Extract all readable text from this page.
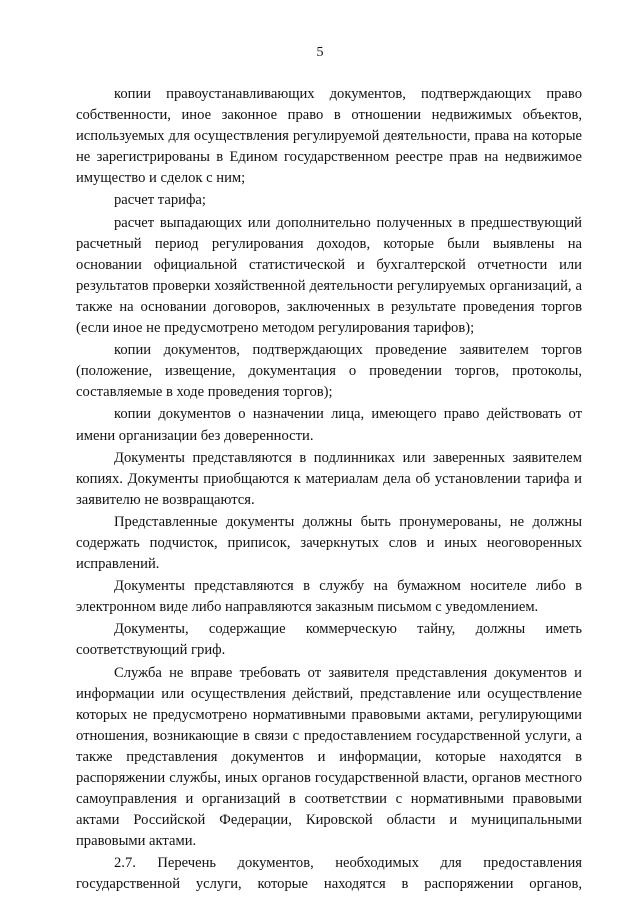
5

копии правоустанавливающих документов, подтверждающих право собственности, иное законное право в отношении недвижимых объектов, используемых для осуществления регулируемой деятельности, права на которые не зарегистрированы в Едином государственном реестре прав на недвижимое имущество и сделок с ним;

расчет тарифа;

расчет выпадающих или дополнительно полученных в предшествующий расчетный период регулирования доходов, которые были выявлены на основании официальной статистической и бухгалтерской отчетности или результатов проверки хозяйственной деятельности регулируемых организаций, а также на основании договоров, заключенных в результате проведения торгов (если иное не предусмотрено методом регулирования тарифов);

копии документов, подтверждающих проведение заявителем торгов (положение, извещение, документация о проведении торгов, протоколы, составляемые в ходе проведения торгов);

копии документов о назначении лица, имеющего право действовать от имени организации без доверенности.

Документы представляются в подлинниках или заверенных заявителем копиях. Документы приобщаются к материалам дела об установлении тарифа и заявителю не возвращаются.

Представленные документы должны быть пронумерованы, не должны содержать подчисток, приписок, зачеркнутых слов и иных неоговоренных исправлений.

Документы представляются в службу на бумажном носителе либо в электронном виде либо направляются заказным письмом с уведомлением.

Документы, содержащие коммерческую тайну, должны иметь соответствующий гриф.

Служба не вправе требовать от заявителя представления документов и информации или осуществления действий, представление или осуществление которых не предусмотрено нормативными правовыми актами, регулирующими отношения, возникающие в связи с предоставлением государственной услуги, а также представления документов и информации, которые находятся в распоряжении службы, иных органов государственной власти, органов местного самоуправления и организаций в соответствии с нормативными правовыми актами Российской Федерации, Кировской области и муниципальными правовыми актами.

2.7. Перечень документов, необходимых для предоставления государственной услуги, которые находятся в распоряжении органов,
